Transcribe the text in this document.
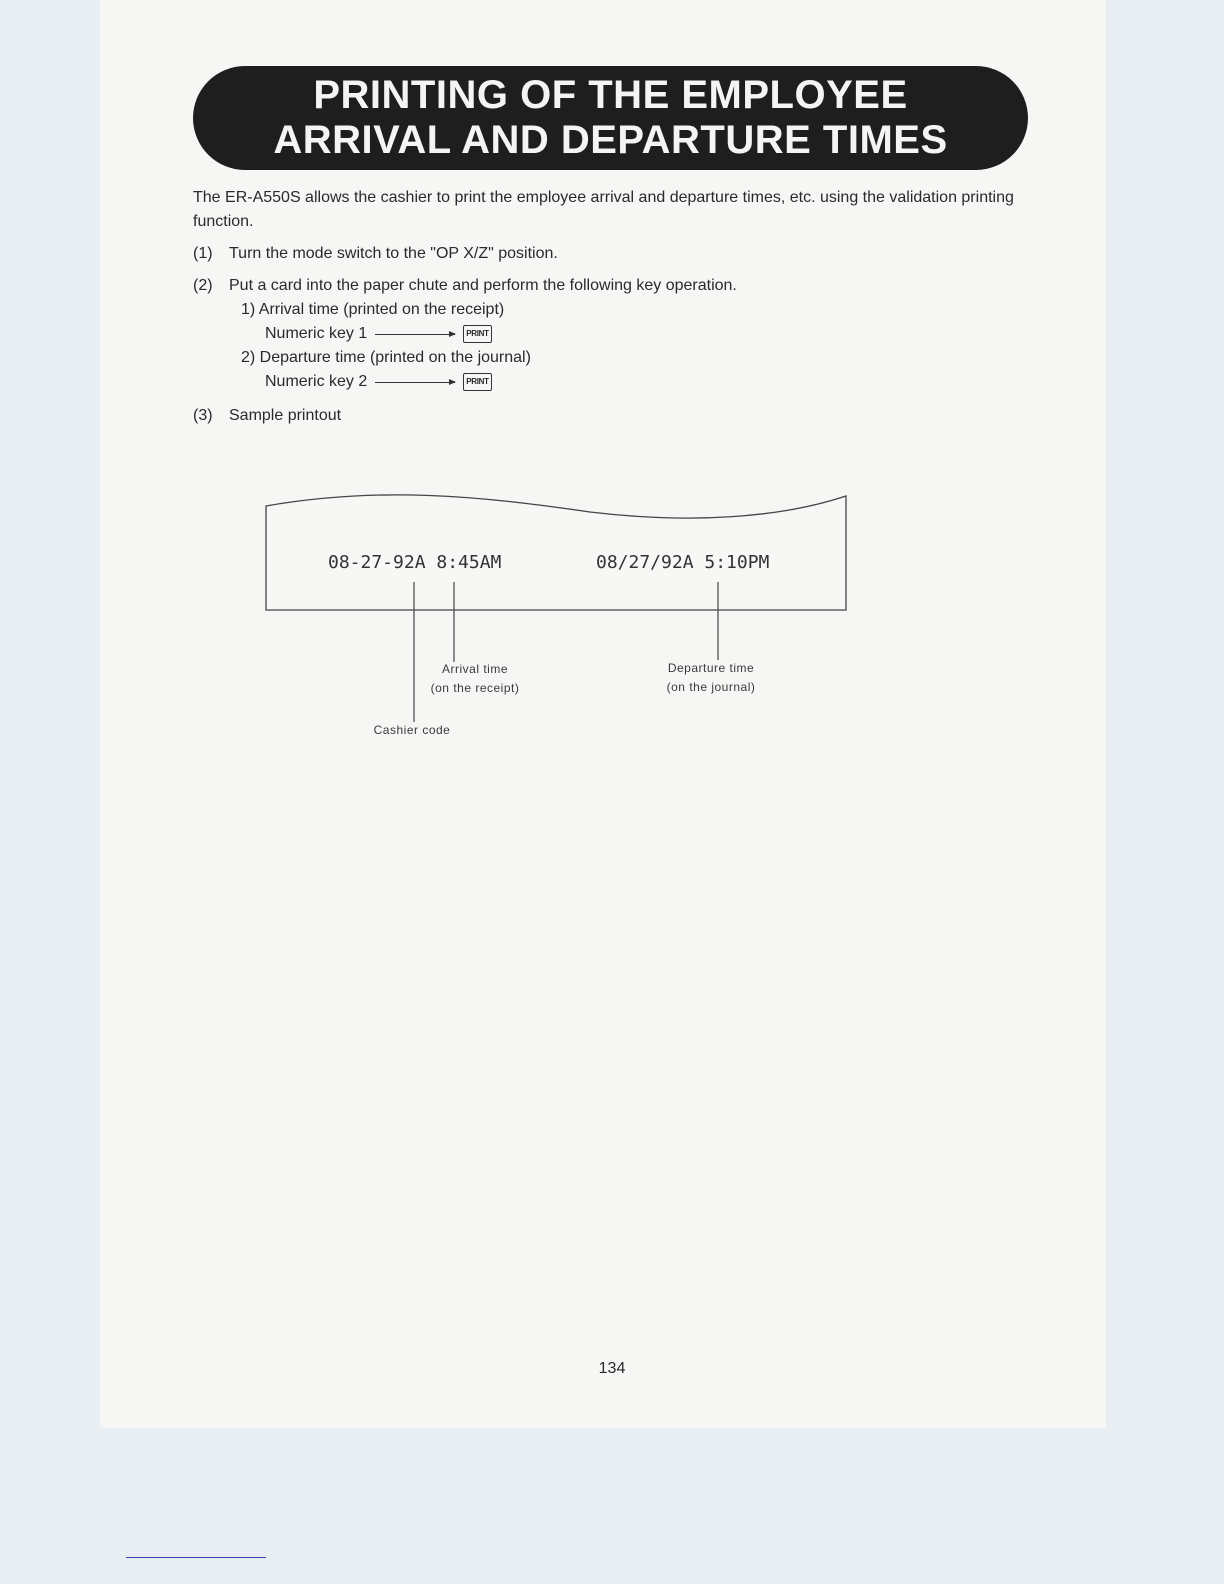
PRINTING OF THE EMPLOYEE
ARRIVAL AND DEPARTURE TIMES

The ER-A550S allows the cashier to print the employee arrival and departure times, etc. using the validation printing function.

(1)	Turn the mode switch to the "OP X/Z" position.
(2)	Put a card into the paper chute and perform the following key operation.
1) Arrival time (printed on the receipt)
Numeric key 1	PRINT
2) Departure time (printed on the journal)
Numeric key 2	PRINT
(3)	Sample printout
08-27-92A 8:45AM	08/27/92A 5:10PM
Arrival time
(on the receipt)
Departure time
(on the journal)
Cashier code
134
